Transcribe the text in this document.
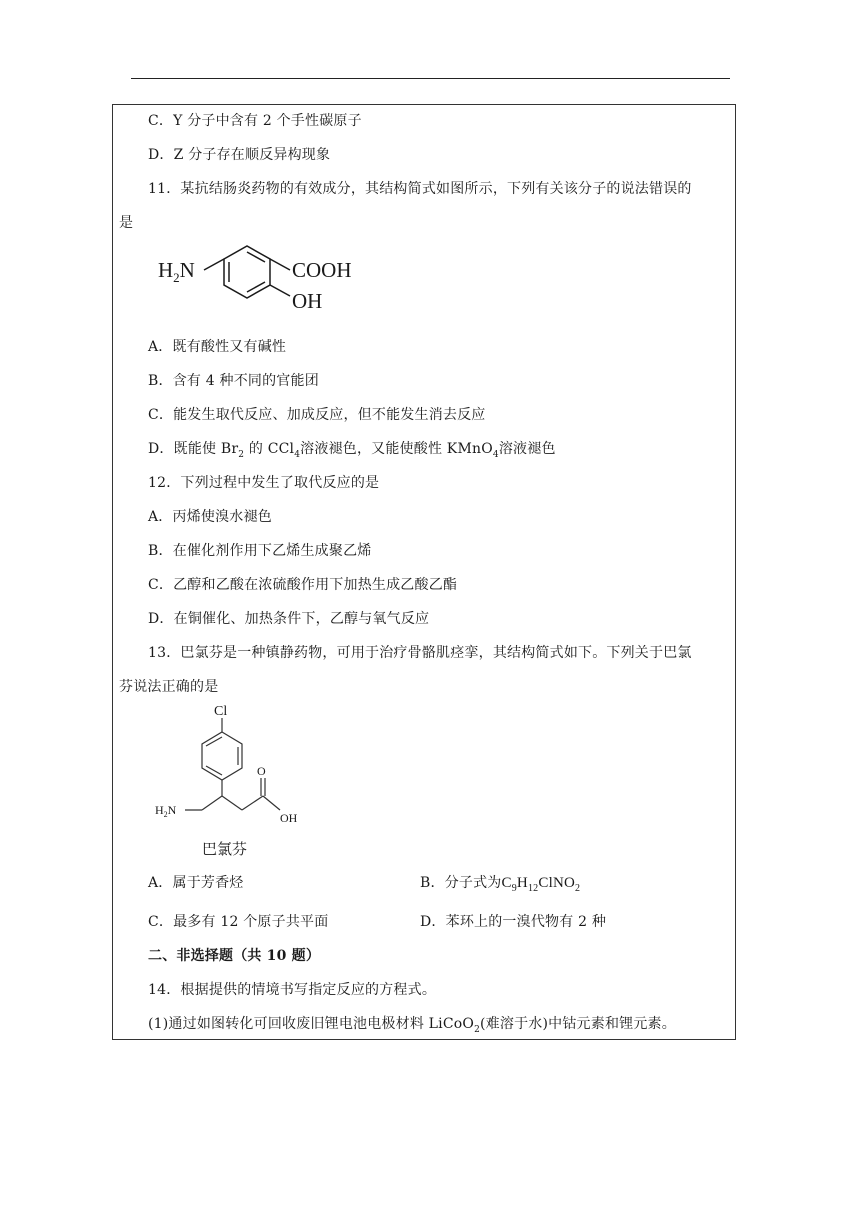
C．Y 分子中含有 2 个手性碳原子
D．Z 分子存在顺反异构现象
11．某抗结肠炎药物的有效成分，其结构简式如图所示，下列有关该分子的说法错误的
是
$H_2N$	COOH
OH
A．既有酸性又有碱性
B．含有 4 种不同的官能团
C．能发生取代反应、加成反应，但不能发生消去反应
D．既能使 $Br_2$ 的 CCl$_4$溶液褪色，又能使酸性 KMnO$_4$溶液褪色
12．下列过程中发生了取代反应的是
A．丙烯使溴水褪色
B．在催化剂作用下乙烯生成聚乙烯
C．乙醇和乙酸在浓硫酸作用下加热生成乙酸乙酯
D．在铜催化、加热条件下，乙醇与氧气反应
13．巴氯芬是一种镇静药物，可用于治疗骨骼肌痉挛，其结构简式如下。下列关于巴氯
芬说法正确的是
Cl
$H_2N$
O
OH
巴氯芬
A．属于芳香烃	B．分子式为$C_9H_{12}ClNO_2$
C．最多有 12 个原子共平面	D．苯环上的一溴代物有 2 种
二、非选择题（共 10 题）
14．根据提供的情境书写指定反应的方程式。
(1)通过如图转化可回收废旧锂电池电极材料 LiCoO$_2$(难溶于水)中钴元素和锂元素。
